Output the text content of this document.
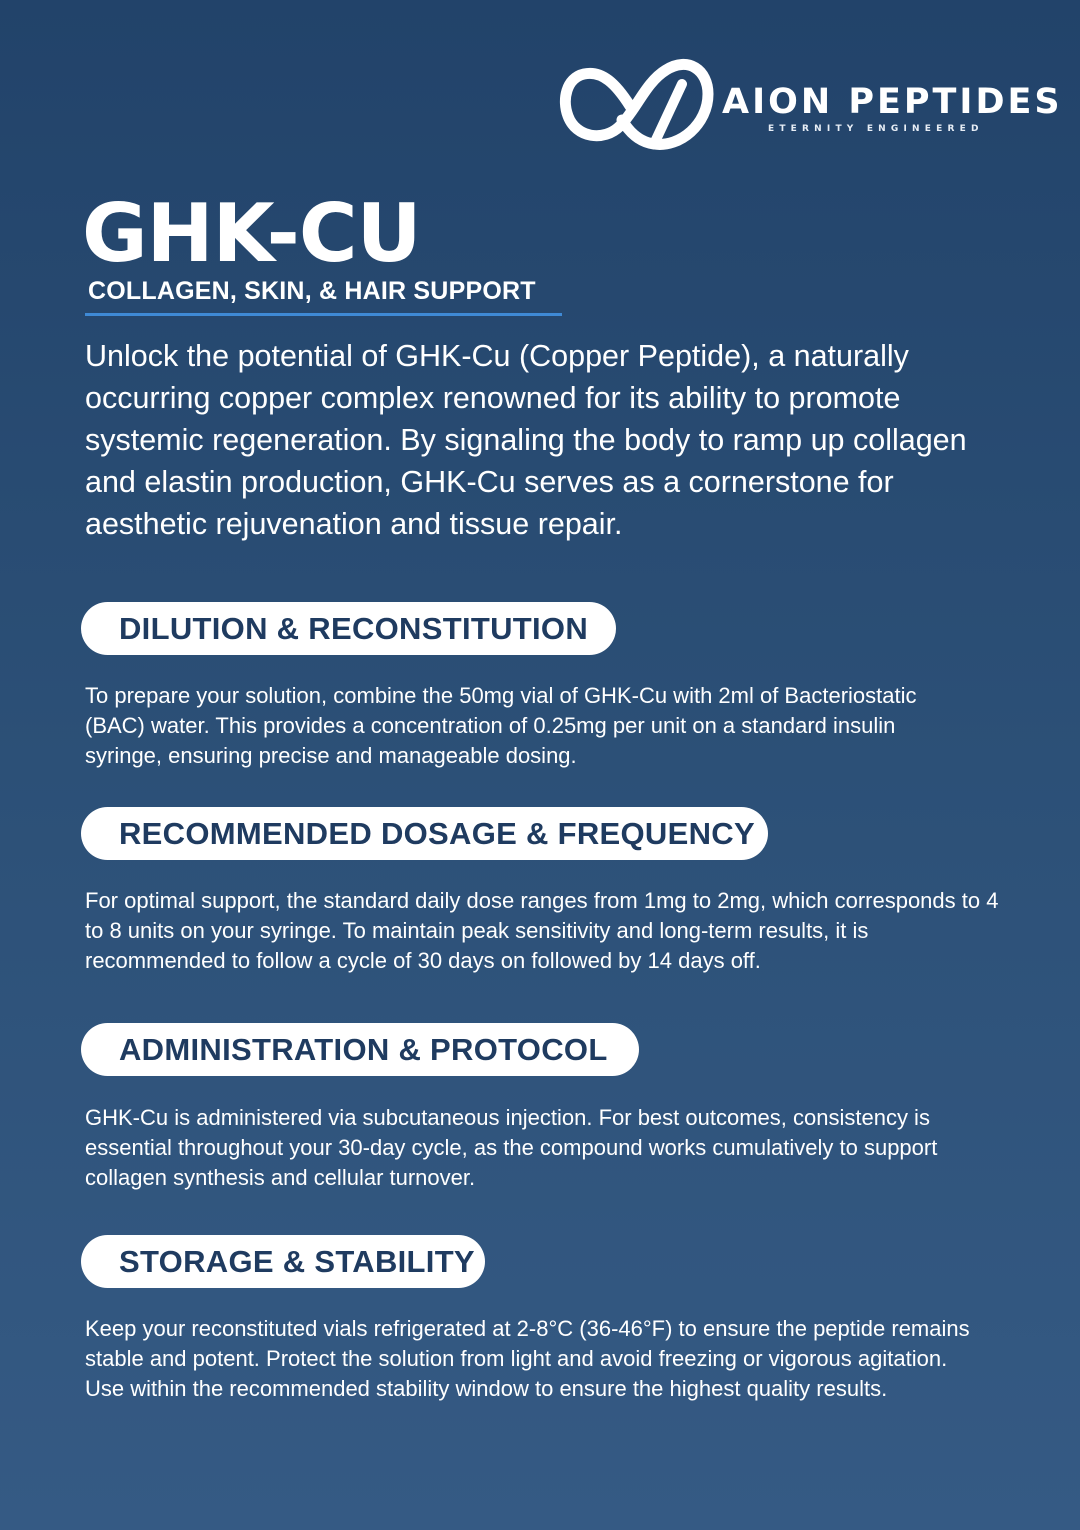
AION PEPTIDES
ETERNITY ENGINEERED
GHK-CU
COLLAGEN, SKIN, & HAIR SUPPORT

Unlock the potential of GHK-Cu (Copper Peptide), a naturally occurring copper complex renowned for its ability to promote systemic regeneration. By signaling the body to ramp up collagen and elastin production, GHK-Cu serves as a cornerstone for aesthetic rejuvenation and tissue repair.

DILUTION & RECONSTITUTION

To prepare your solution, combine the 50mg vial of GHK-Cu with 2ml of Bacteriostatic (BAC) water. This provides a concentration of 0.25mg per unit on a standard insulin syringe, ensuring precise and manageable dosing.

RECOMMENDED DOSAGE & FREQUENCY

For optimal support, the standard daily dose ranges from 1mg to 2mg, which corresponds to 4 to 8 units on your syringe. To maintain peak sensitivity and long-term results, it is recommended to follow a cycle of 30 days on followed by 14 days off.

ADMINISTRATION & PROTOCOL

GHK-Cu is administered via subcutaneous injection. For best outcomes, consistency is essential throughout your 30-day cycle, as the compound works cumulatively to support collagen synthesis and cellular turnover.

STORAGE & STABILITY

Keep your reconstituted vials refrigerated at 2-8°C (36-46°F) to ensure the peptide remains stable and potent. Protect the solution from light and avoid freezing or vigorous agitation. Use within the recommended stability window to ensure the highest quality results.
